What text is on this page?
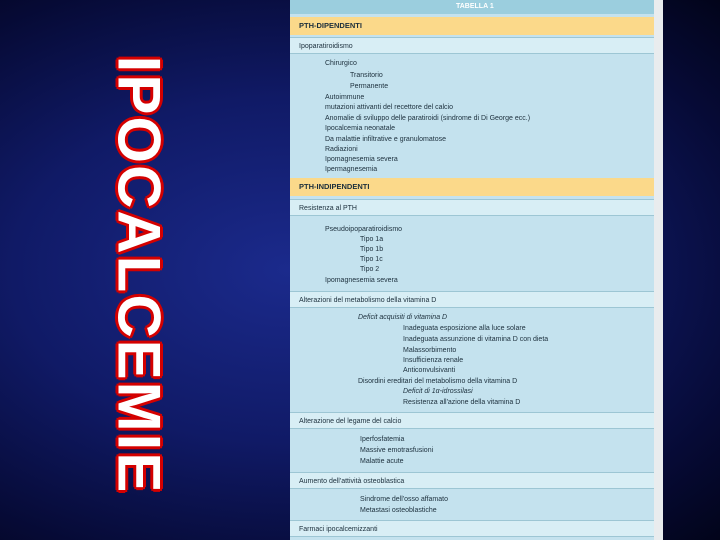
IPOCALCEMIE
TABELLA 1
PTH-DIPENDENTI
Ipoparatiroidismo
Chirurgico
Transitorio
Permanente
Autoimmune
mutazioni attivanti del recettore del calcio
Anomalie di sviluppo delle paratiroidi (sindrome di Di George ecc.)
Ipocalcemia neonatale
Da malattie infiltrative e granulomatose
Radiazioni
Ipomagnesemia severa
Ipermagnesemia
PTH-INDIPENDENTI
Resistenza al PTH
Pseudoipoparatiroidismo
Tipo 1a
Tipo 1b
Tipo 1c
Tipo 2
Ipomagnesemia severa
Alterazioni del metabolismo della vitamina D
Deficit acquisiti di vitamina D
Inadeguata esposizione alla luce solare
Inadeguata assunzione di vitamina D con dieta
Malassorbimento
Insufficienza renale
Anticonvulsivanti
Disordini ereditari del metabolismo della vitamina D
Deficit di 1α-idrossilasi
Resistenza all'azione della vitamina D
Alterazione del legame del calcio
Iperfosfatemia
Massive emotrasfusioni
Malattie acute
Aumento dell'attività osteoblastica
Sindrome dell'osso affamato
Metastasi osteoblastiche
Farmaci ipocalcemizzanti
